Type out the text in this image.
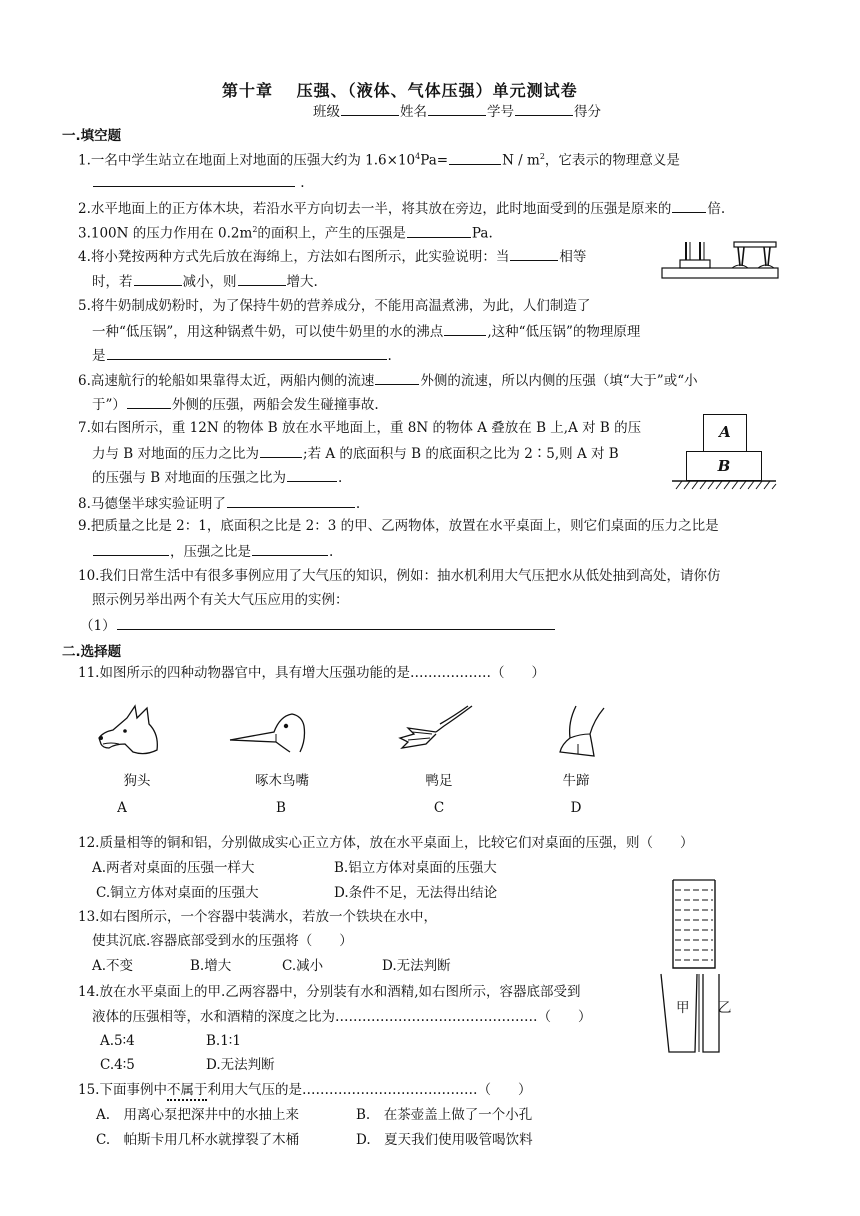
第十章　 压强、（液体、气体压强）单元测试卷
班级	姓名	学号	得分
一.填空题
1.一名中学生站立在地面上对地面的压强大约为 $1.6\times 10^4Pa=$	N / $m^2$，它表示的物理意义是
.
2.水平地面上的正方体木块，若沿水平方向切去一半，将其放在旁边，此时地面受到的压强是原来的	倍.
3.100N 的压力作用在 $0.2m^2$的面积上，产生的压强是	Pa.
4.将小凳按两种方式先后放在海绵上，方法如右图所示，此实验说明：当	相等
时，若	减小，则	增大.
5.将牛奶制成奶粉时，为了保持牛奶的营养成分，不能用高温煮沸，为此，人们制造了
一种“低压锅”，用这种锅煮牛奶，可以使牛奶里的水的沸点	,这种“低压锅”的物理原理
是	.
6.高速航行的轮船如果靠得太近，两船内侧的流速	外侧的流速，所以内侧的压强（填“大于”或“小
于”）	外侧的压强，两船会发生碰撞事故.
7.如右图所示，重 12N 的物体 B 放在水平地面上，重 8N 的物体 A 叠放在 B 上,A 对 B 的压
力与 B 对地面的压力之比为	;若 A 的底面积与 B 的底面积之比为 2∶5,则 A 对 B
的压强与 B 对地面的压强之比为	.
A
B
8.马德堡半球实验证明了	.
9.把质量之比是 2：1，底面积之比是 2：3 的甲、乙两物体，放置在水平桌面上，则它们桌面的压力之比是
，压强之比是	.
10.我们日常生活中有很多事例应用了大气压的知识，例如：抽水机利用大气压把水从低处抽到高处，请你仿
照示例另举出两个有关大气压应用的实例：
（1）
二.选择题
11.如图所示的四种动物器官中，具有增大压强功能的是………………（　　）
狗头	啄木鸟嘴	鸭足	牛蹄
A	B	C	D
12.质量相等的铜和铝，分别做成实心正立方体，放在水平桌面上，比较它们对桌面的压强，则（　　）
A.两者对桌面的压强一样大	B.铝立方体对桌面的压强大
C.铜立方体对桌面的压强大	D.条件不足，无法得出结论
13.如右图所示，一个容器中装满水，若放一个铁块在水中，
使其沉底.容器底部受到水的压强将（　　）
A.不变	B.增大	C.减小	D.无法判断
甲 乙
14.放在水平桌面上的甲.乙两容器中，分别装有水和酒精,如右图所示，容器底部受到
液体的压强相等，水和酒精的深度之比为………………………………………（　　）
A.5∶4	B.1∶1
C.4∶5	D.无法判断
15.下面事例中不属于利用大气压的是…………………………………（　　）
A.　用离心泵把深井中的水抽上来	B.　在茶壶盖上做了一个小孔
C.　帕斯卡用几杯水就撑裂了木桶	D.　夏天我们使用吸管喝饮料
